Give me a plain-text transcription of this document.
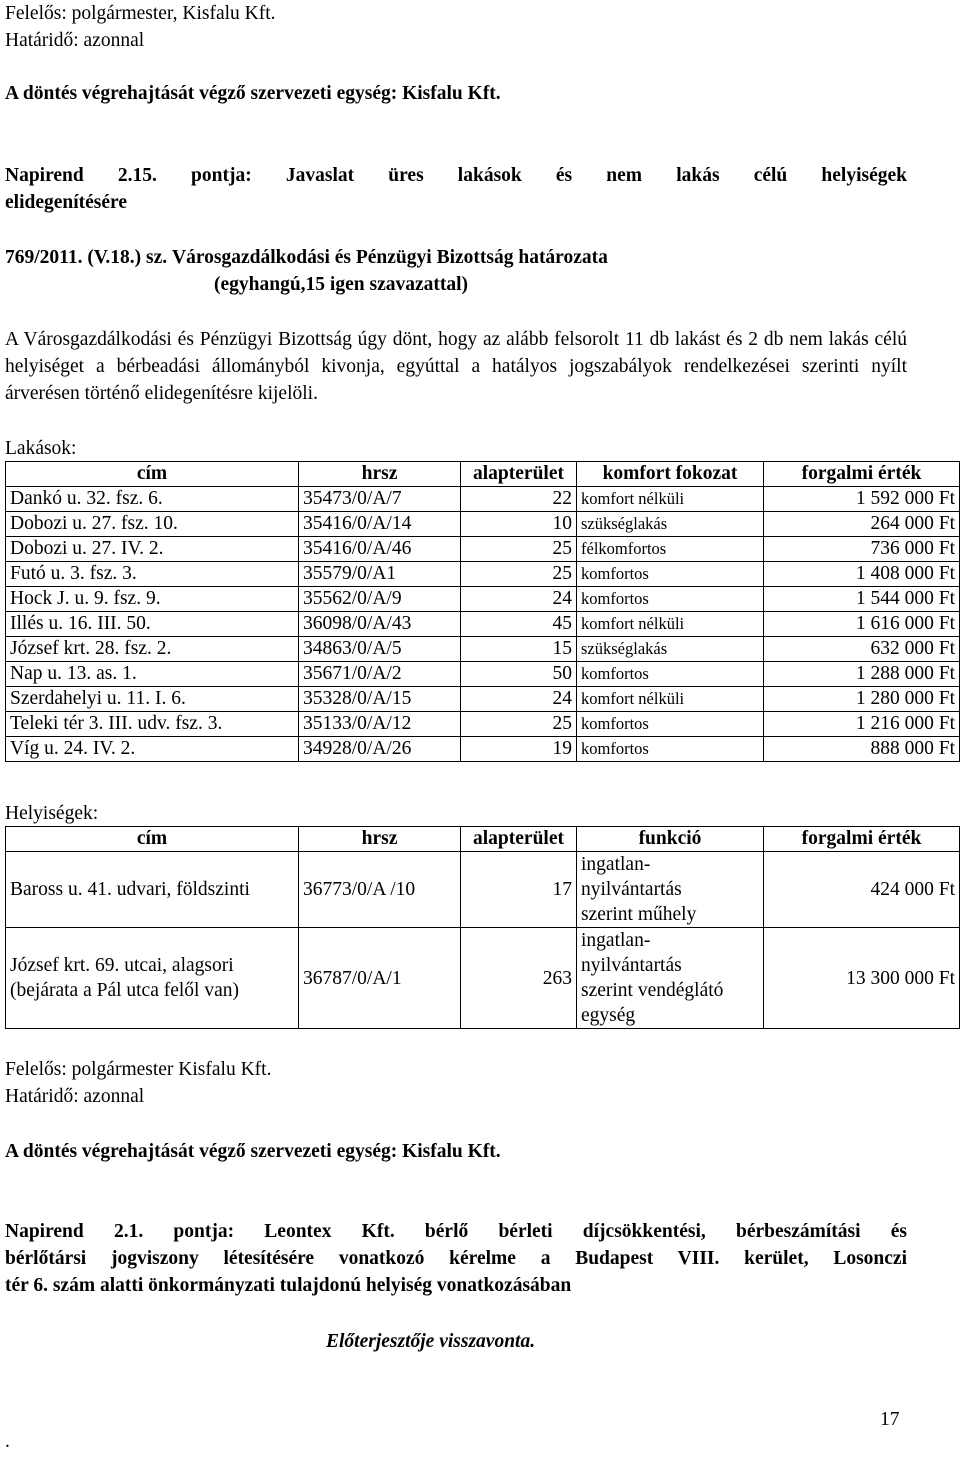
Felelős: polgármester, Kisfalu Kft.
Határidő: azonnal
A döntés végrehajtását végző szervezeti egység: Kisfalu Kft.
Napirend 2.15. pontja: Javaslat üres lakások és nem lakás célú helyiségek
elidegenítésére
769/2011. (V.18.) sz. Városgazdálkodási és Pénzügyi Bizottság határozata
(egyhangú,15 igen szavazattal)
A Városgazdálkodási és Pénzügyi Bizottság úgy dönt, hogy az alább felsorolt 11 db lakást és 2 db nem lakás célú helyiséget a bérbeadási állományból kivonja, egyúttal a hatályos jogszabályok rendelkezései szerinti nyílt árverésen történő elidegenítésre kijelöli.
Lakások:
cím	hrsz	alapterület	komfort fokozat	forgalmi érték
Dankó u. 32. fsz. 6.	35473/0/A/7	22	komfort nélküli	1 592 000 Ft
Dobozi u. 27. fsz. 10.	35416/0/A/14	10	szükséglakás	264 000 Ft
Dobozi u. 27. IV. 2.	35416/0/A/46	25	félkomfortos	736 000 Ft
Futó u. 3. fsz. 3.	35579/0/A1	25	komfortos	1 408 000 Ft
Hock J. u. 9. fsz. 9.	35562/0/A/9	24	komfortos	1 544 000 Ft
Illés u. 16. III. 50.	36098/0/A/43	45	komfort nélküli	1 616 000 Ft
József krt. 28. fsz. 2.	34863/0/A/5	15	szükséglakás	632 000 Ft
Nap u. 13. as. 1.	35671/0/A/2	50	komfortos	1 288 000 Ft
Szerdahelyi u. 11. I. 6.	35328/0/A/15	24	komfort nélküli	1 280 000 Ft
Teleki tér 3. III. udv. fsz. 3.	35133/0/A/12	25	komfortos	1 216 000 Ft
Víg u. 24. IV. 2.	34928/0/A/26	19	komfortos	888 000 Ft
Helyiségek:
cím	hrsz	alapterület	funkció	forgalmi érték

Baross u. 41. udvari, földszinti	36773/0/A /10	17	ingatlan-
nyilvántartás
szerint műhely	424 000 Ft

József krt. 69. utcai, alagsori
(bejárata a Pál utca felől van)	36787/0/A/1	263	ingatlan-
nyilvántartás
szerint vendéglátó
egység	13 300 000 Ft
Felelős: polgármester Kisfalu Kft.
Határidő: azonnal
A döntés végrehajtását végző szervezeti egység: Kisfalu Kft.
Napirend 2.1. pontja: Leontex Kft. bérlő bérleti díjcsökkentési, bérbeszámítási és
bérlőtársi jogviszony létesítésére vonatkozó kérelme a Budapest VIII. kerület, Losonczi
tér 6. szám alatti önkormányzati tulajdonú helyiség vonatkozásában
Előterjesztője visszavonta.
.
17
